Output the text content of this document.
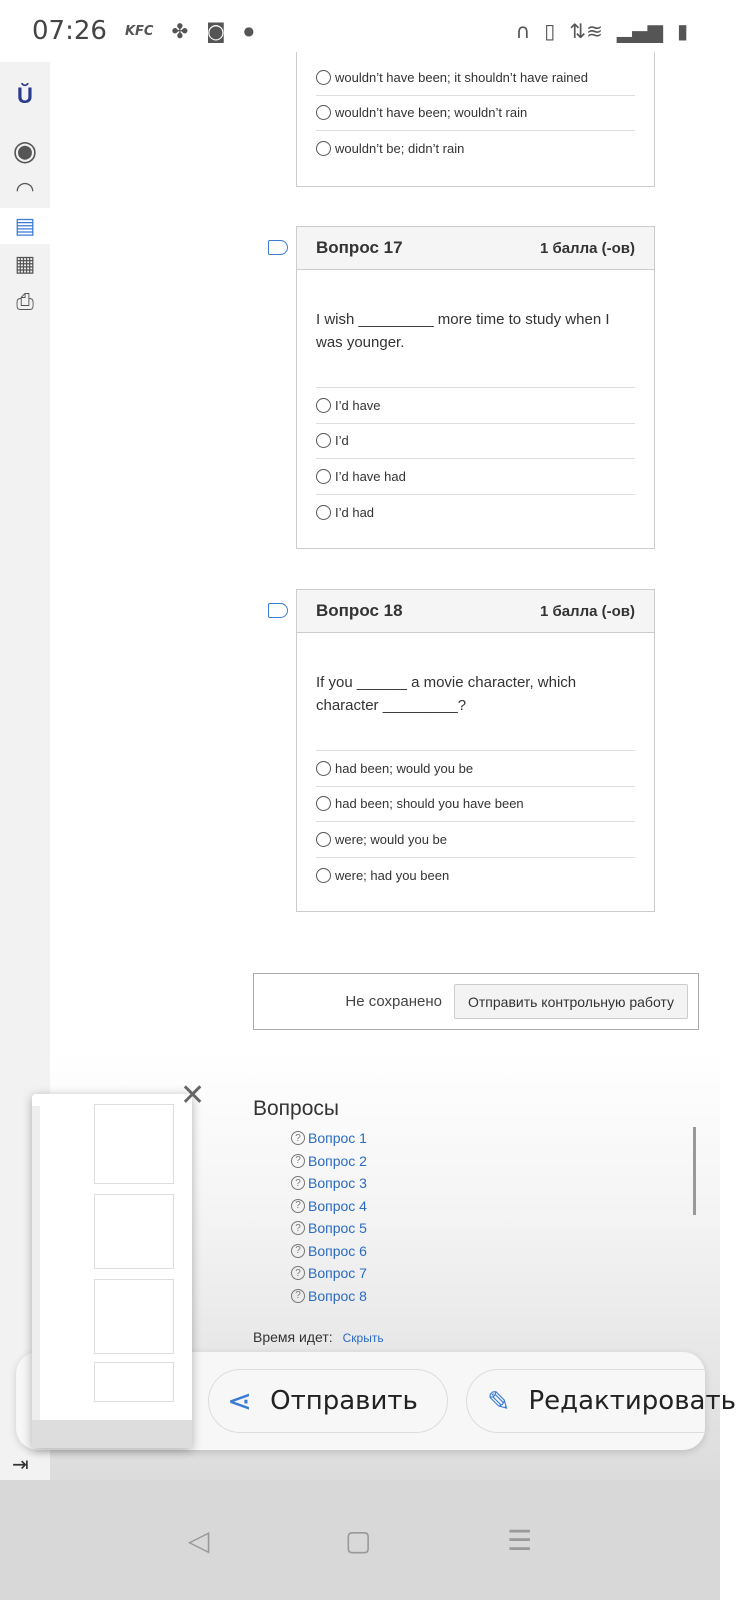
07:26 KFC ✤ ◙ ●	∩ ▯ ⇅≋ ▂▄▆ ▮
Ŭ
◉
◠
▤
▦
⎙
wouldn’t have been; it shouldn’t have rained
wouldn’t have been; wouldn’t rain
wouldn’t be; didn’t rain
Вопрос 17	1 балла (-ов)
I wish _________ more time to study when I was younger.
I’d have
I’d
I’d have had
I’d had
Вопрос 18	1 балла (-ов)
If you ______ a movie character, which character _________?
had been; would you be
had been; should you have been
were; would you be
were; had you been
Не сохранено	Отправить контрольную работу
Вопросы
? Вопрос 1
? Вопрос 2
? Вопрос 3
? Вопрос 4
? Вопрос 5
? Вопрос 6
? Вопрос 7
? Вопрос 8
Время идет: Скрыть
⋖ Отправить ✎ Редактировать
✕
⇥
◁	▢	☰
